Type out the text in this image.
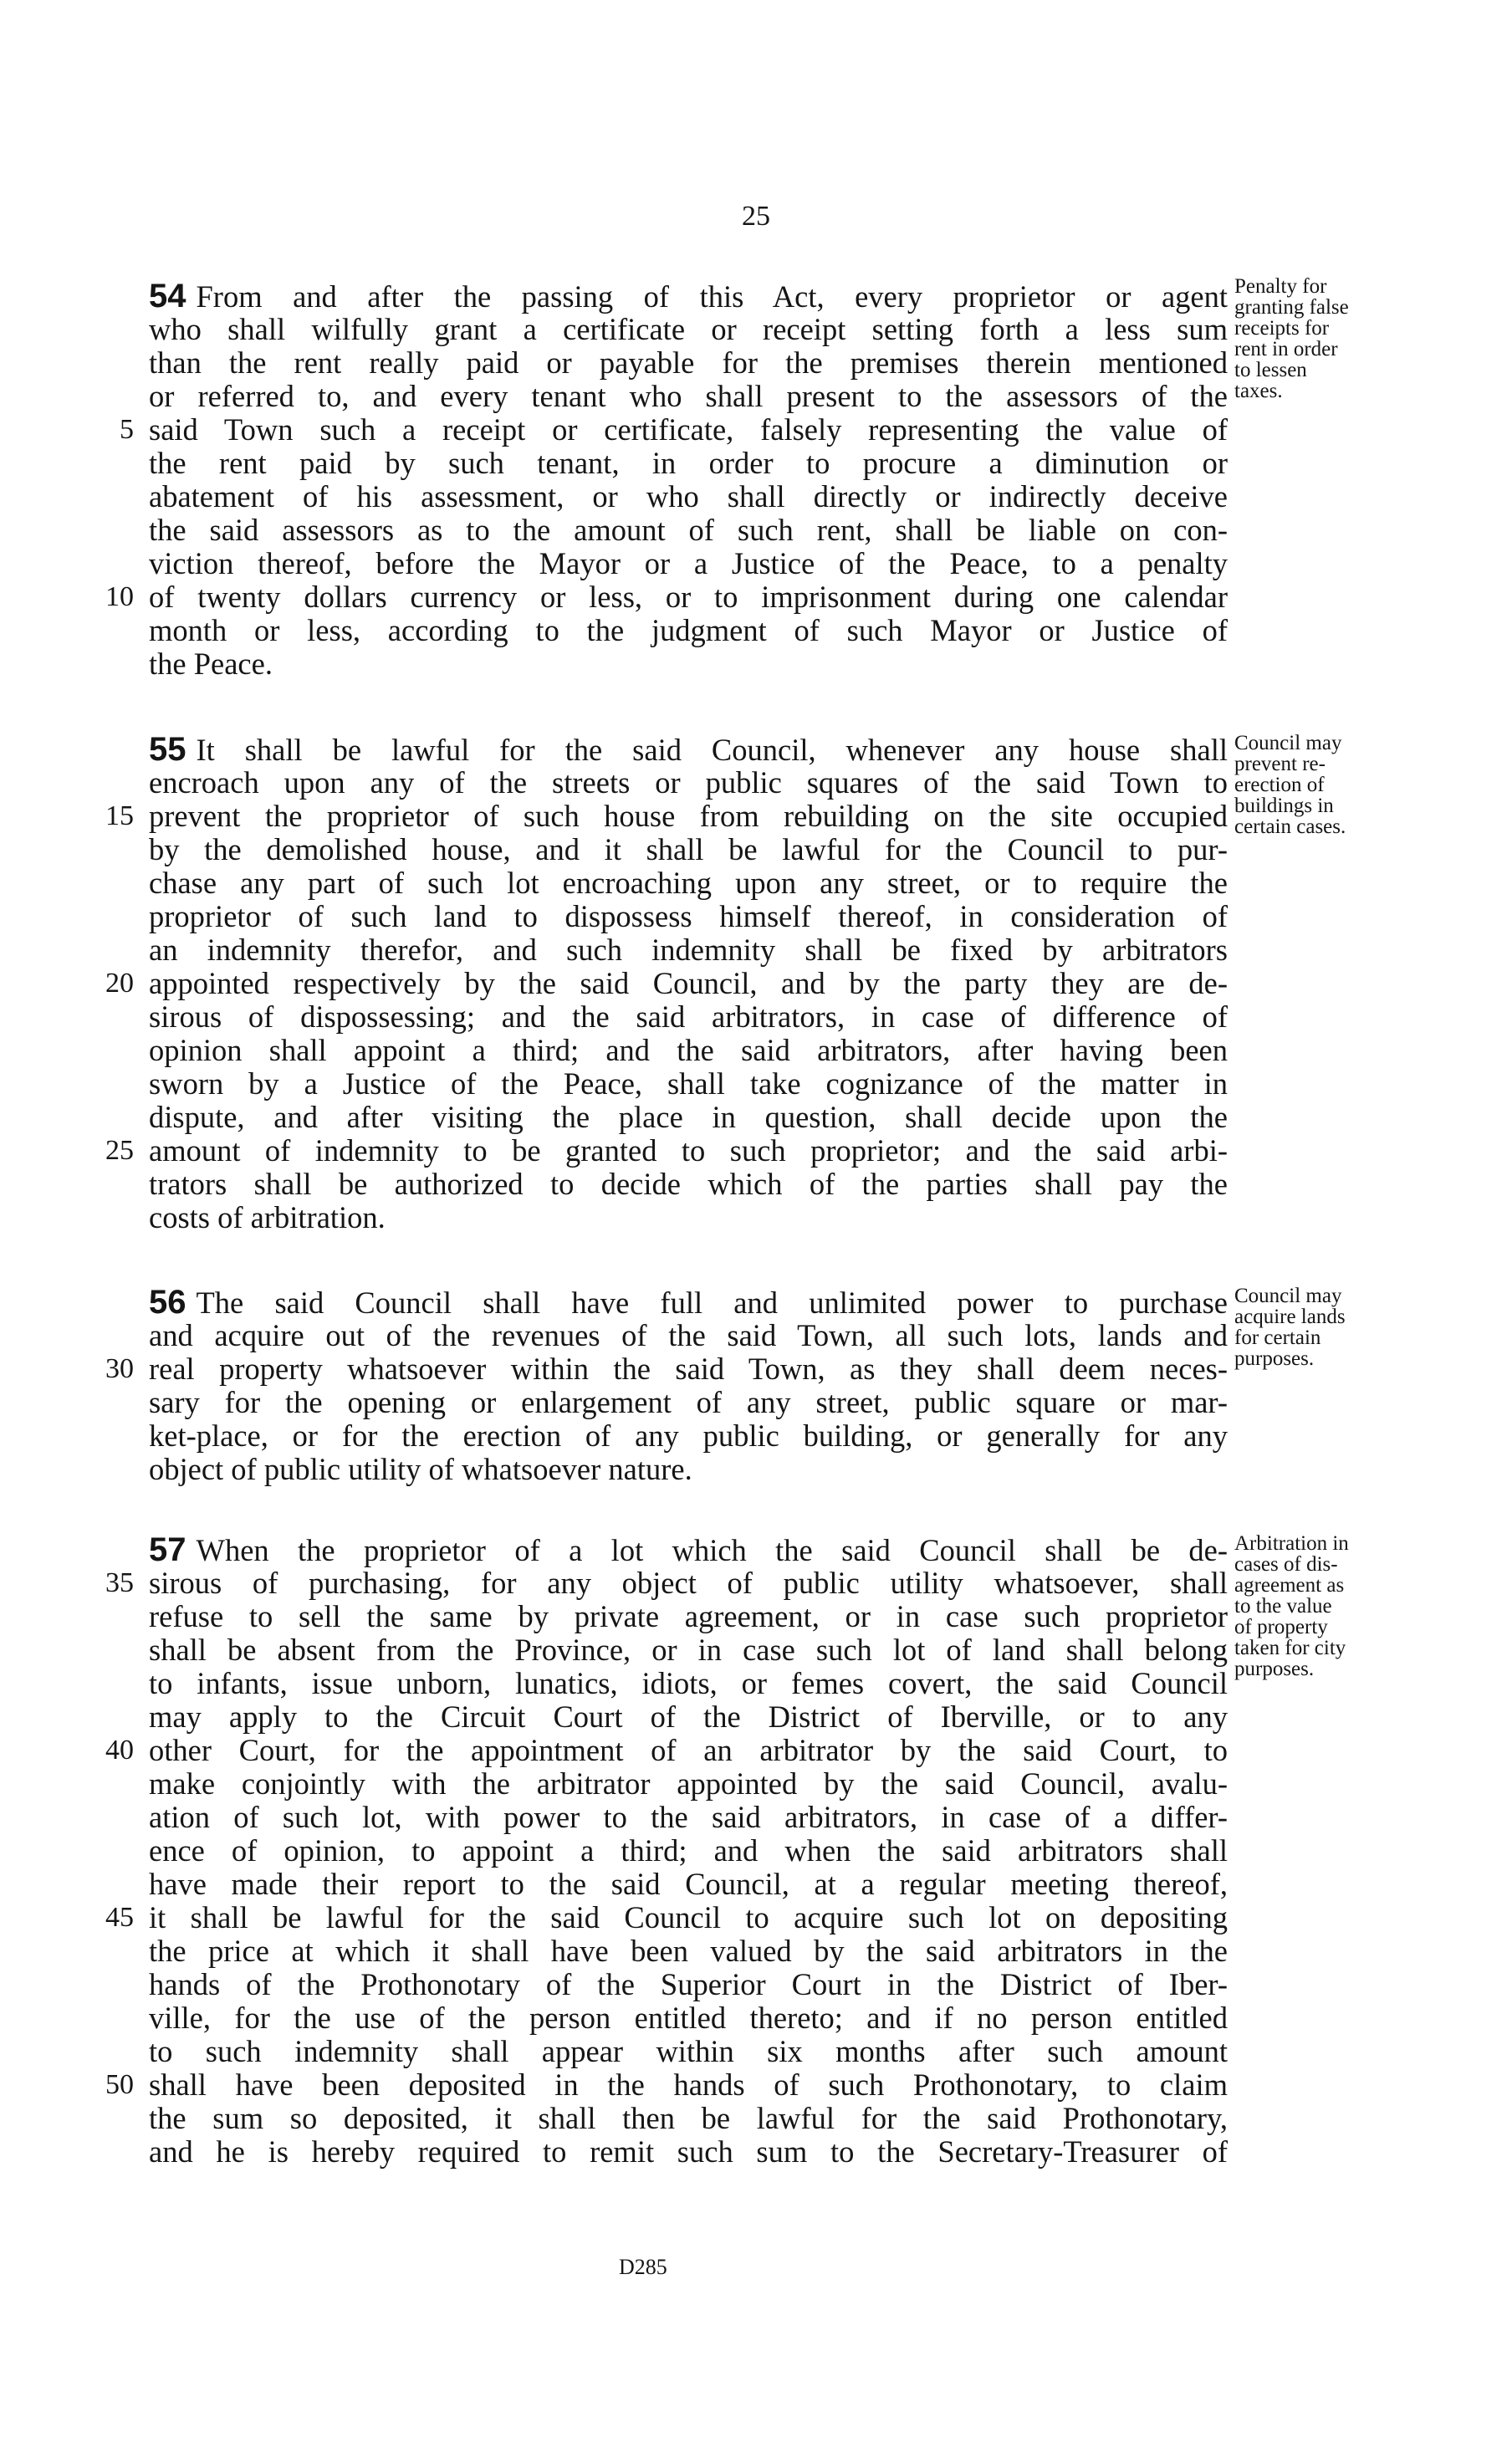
25
54 From and after the passing of this Act, every proprietor or agent
who shall wilfully grant a certificate or receipt setting forth a less sum
than the rent really paid or payable for the premises therein mentioned
or referred to, and every tenant who shall present to the assessors of the
5 said Town such a receipt or certificate, falsely representing the value of
the rent paid by such tenant, in order to procure a diminution or
abatement of his assessment, or who shall directly or indirectly deceive
the said assessors as to the amount of such rent, shall be liable on con-
viction thereof, before the Mayor or a Justice of the Peace, to a penalty
10 of twenty dollars currency or less, or to imprisonment during one calendar
month or less, according to the judgment of such Mayor or Justice of
the Peace.
Penalty for
granting false
receipts for
rent in order
to lessen
taxes.
55 It shall be lawful for the said Council, whenever any house shall
encroach upon any of the streets or public squares of the said Town to
15 prevent the proprietor of such house from rebuilding on the site occupied
by the demolished house, and it shall be lawful for the Council to pur-
chase any part of such lot encroaching upon any street, or to require the
proprietor of such land to dispossess himself thereof, in consideration of
an indemnity therefor, and such indemnity shall be fixed by arbitrators
20 appointed respectively by the said Council, and by the party they are de-
sirous of dispossessing; and the said arbitrators, in case of difference of
opinion shall appoint a third; and the said arbitrators, after having been
sworn by a Justice of the Peace, shall take cognizance of the matter in
dispute, and after visiting the place in question, shall decide upon the
25 amount of indemnity to be granted to such proprietor; and the said arbi-
trators shall be authorized to decide which of the parties shall pay the
costs of arbitration.
Council may
prevent re-
erection of
buildings in
certain cases.
56 The said Council shall have full and unlimited power to purchase
and acquire out of the revenues of the said Town, all such lots, lands and
30 real property whatsoever within the said Town, as they shall deem neces-
sary for the opening or enlargement of any street, public square or mar-
ket-place, or for the erection of any public building, or generally for any
object of public utility of whatsoever nature.
Council may
acquire lands
for certain
purposes.
57 When the proprietor of a lot which the said Council shall be de-
35 sirous of purchasing, for any object of public utility whatsoever, shall
refuse to sell the same by private agreement, or in case such proprietor
shall be absent from the Province, or in case such lot of land shall belong
to infants, issue unborn, lunatics, idiots, or femes covert, the said Council
may apply to the Circuit Court of the District of Iberville, or to any
40 other Court, for the appointment of an arbitrator by the said Court, to
make conjointly with the arbitrator appointed by the said Council, avalu-
ation of such lot, with power to the said arbitrators, in case of a differ-
ence of opinion, to appoint a third; and when the said arbitrators shall
have made their report to the said Council, at a regular meeting thereof,
45 it shall be lawful for the said Council to acquire such lot on depositing
the price at which it shall have been valued by the said arbitrators in the
hands of the Prothonotary of the Superior Court in the District of Iber-
ville, for the use of the person entitled thereto; and if no person entitled
to such indemnity shall appear within six months after such amount
50 shall have been deposited in the hands of such Prothonotary, to claim
the sum so deposited, it shall then be lawful for the said Prothonotary,
and he is hereby required to remit such sum to the Secretary-Treasurer of
Arbitration in
cases of dis-
agreement as
to the value
of property
taken for city
purposes.
D285
